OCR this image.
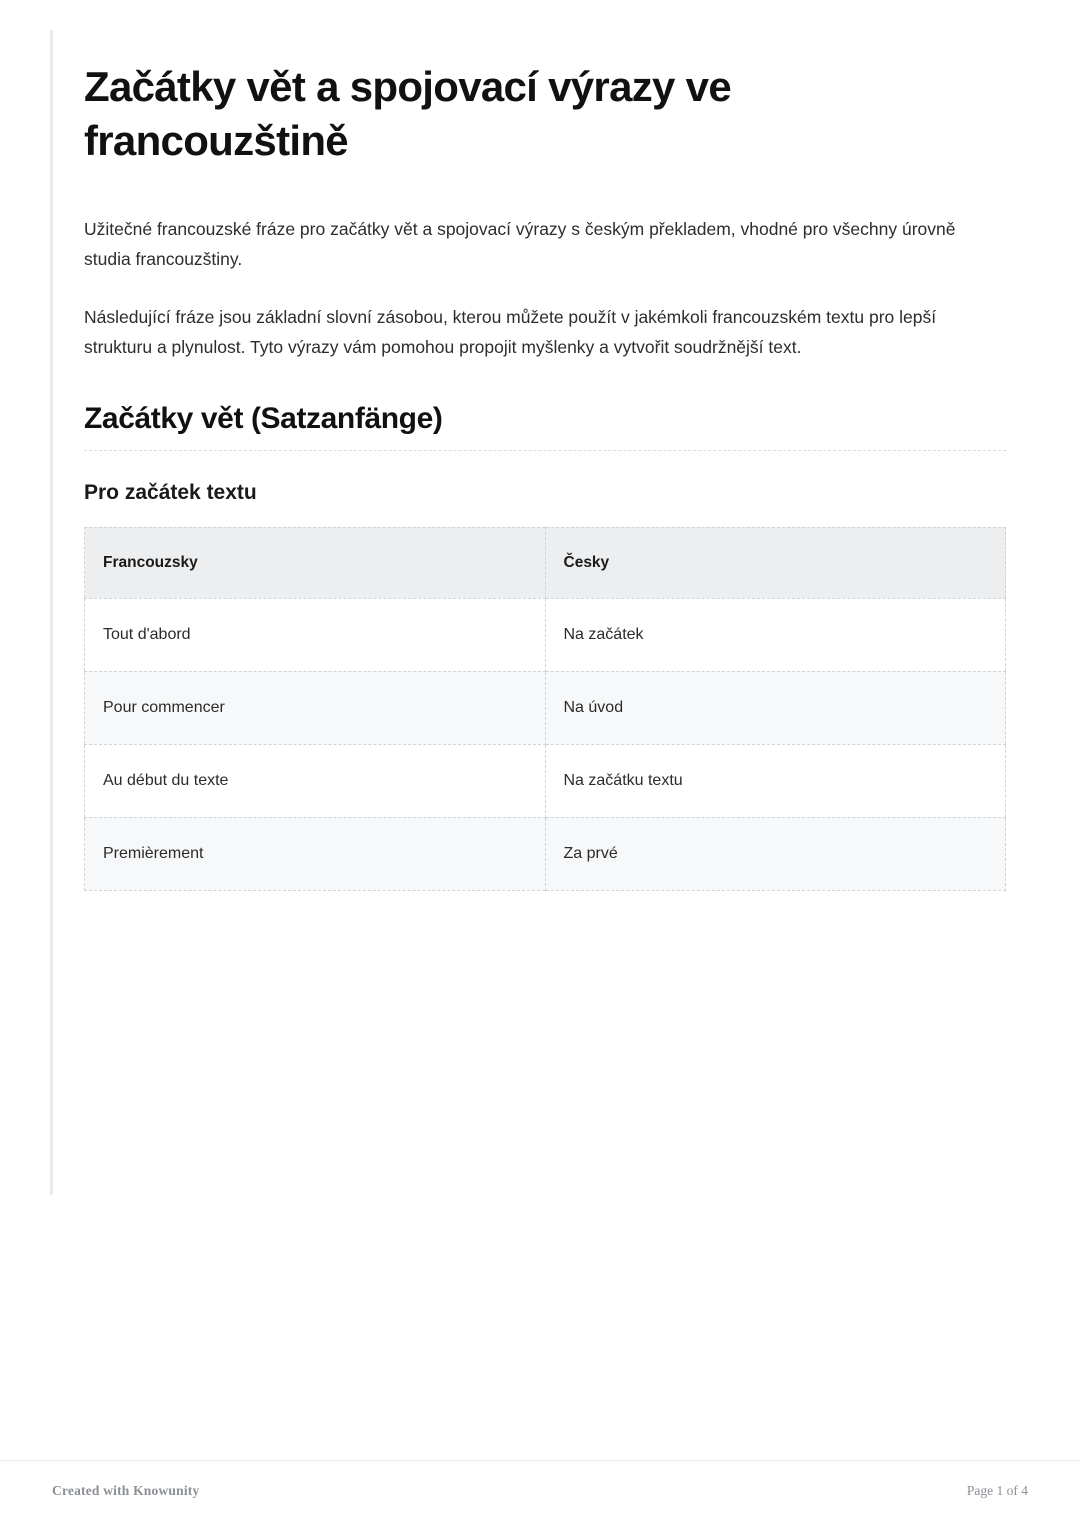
Začátky vět a spojovací výrazy ve francouzštině

Užitečné francouzské fráze pro začátky vět a spojovací výrazy s českým překladem, vhodné pro všechny úrovně studia francouzštiny.

Následující fráze jsou základní slovní zásobou, kterou můžete použít v jakémkoli francouzském textu pro lepší strukturu a plynulost. Tyto výrazy vám pomohou propojit myšlenky a vytvořit soudržnější text.

Začátky vět (Satzanfänge)
Pro začátek textu
Francouzsky	Česky
Tout d'abord	Na začátek
Pour commencer	Na úvod
Au début du texte	Na začátku textu
Premièrement	Za prvé
Created with Knowunity	Page 1 of 4
